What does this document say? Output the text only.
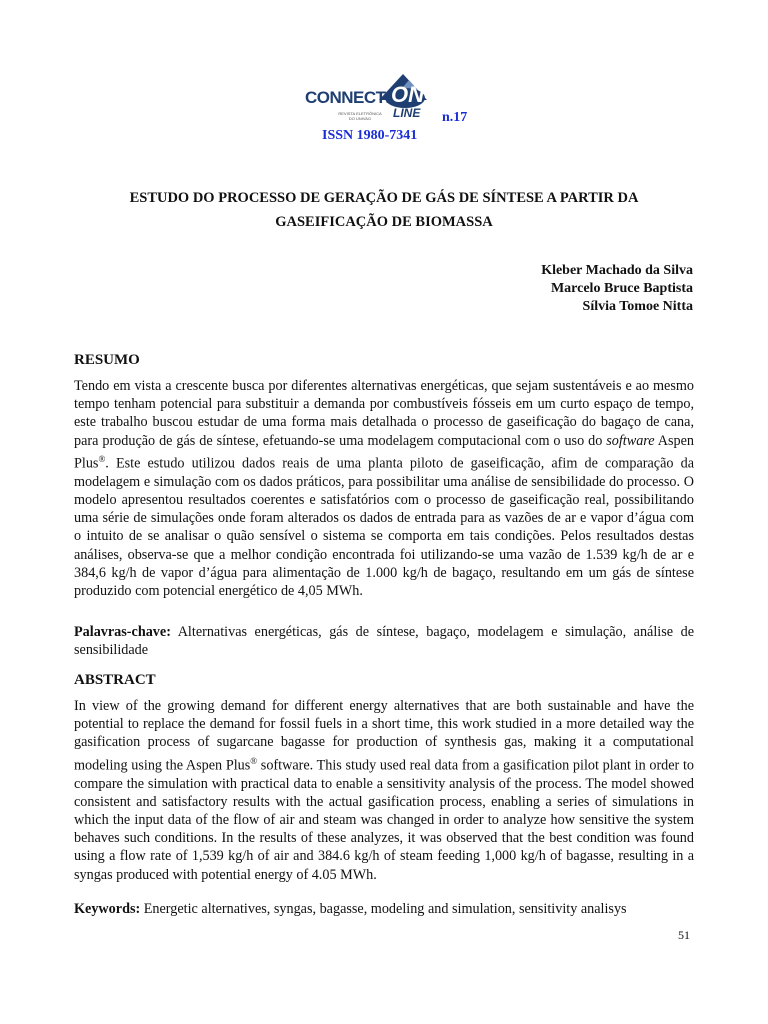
CONNECTI ON
LINE
REVISTA ELETRÔNICA DO UNIVAG	n.17
ISSN 1980-7341
ESTUDO DO PROCESSO DE GERAÇÃO DE GÁS DE SÍNTESE A PARTIR DA
GASEIFICAÇÃO DE BIOMASSA
Kleber Machado da Silva
Marcelo Bruce Baptista
Sílvia Tomoe Nitta
RESUMO

Tendo em vista a crescente busca por diferentes alternativas energéticas, que sejam sustentáveis e ao mesmo tempo tenham potencial para substituir a demanda por combustíveis fósseis em um curto espaço de tempo, este trabalho buscou estudar de uma forma mais detalhada o processo de gaseificação do bagaço de cana, para produção de gás de síntese, efetuando-se uma modelagem computacional com o uso do software Aspen Plus®. Este estudo utilizou dados reais de uma planta piloto de gaseificação, afim de comparação da modelagem e simulação com os dados práticos, para possibilitar uma análise de sensibilidade do processo. O modelo apresentou resultados coerentes e satisfatórios com o processo de gaseificação real, possibilitando uma série de simulações onde foram alterados os dados de entrada para as vazões de ar e vapor d’água com o intuito de se analisar o quão sensível o sistema se comporta em tais condições. Pelos resultados destas análises, observa-se que a melhor condição encontrada foi utilizando-se uma vazão de 1.539 kg/h de ar e 384,6 kg/h de vapor d’água para alimentação de 1.000 kg/h de bagaço, resultando em um gás de síntese produzido com potencial energético de 4,05 MWh.

Palavras-chave: Alternativas energéticas, gás de síntese, bagaço, modelagem e simulação, análise de sensibilidade

ABSTRACT

In view of the growing demand for different energy alternatives that are both sustainable and have the potential to replace the demand for fossil fuels in a short time, this work studied in a more detailed way the gasification process of sugarcane bagasse for production of synthesis gas, making it a computational modeling using the Aspen Plus® software. This study used real data from a gasification pilot plant in order to compare the simulation with practical data to enable a sensitivity analysis of the process. The model showed consistent and satisfactory results with the actual gasification process, enabling a series of simulations in which the input data of the flow of air and steam was changed in order to analyze how sensitive the system behaves such conditions. In the results of these analyzes, it was observed that the best condition was found using a flow rate of 1,539 kg/h of air and 384.6 kg/h of steam feeding 1,000 kg/h of bagasse, resulting in a syngas produced with potential energy of 4.05 MWh.

Keywords: Energetic alternatives, syngas, bagasse, modeling and simulation, sensitivity analisys

51
